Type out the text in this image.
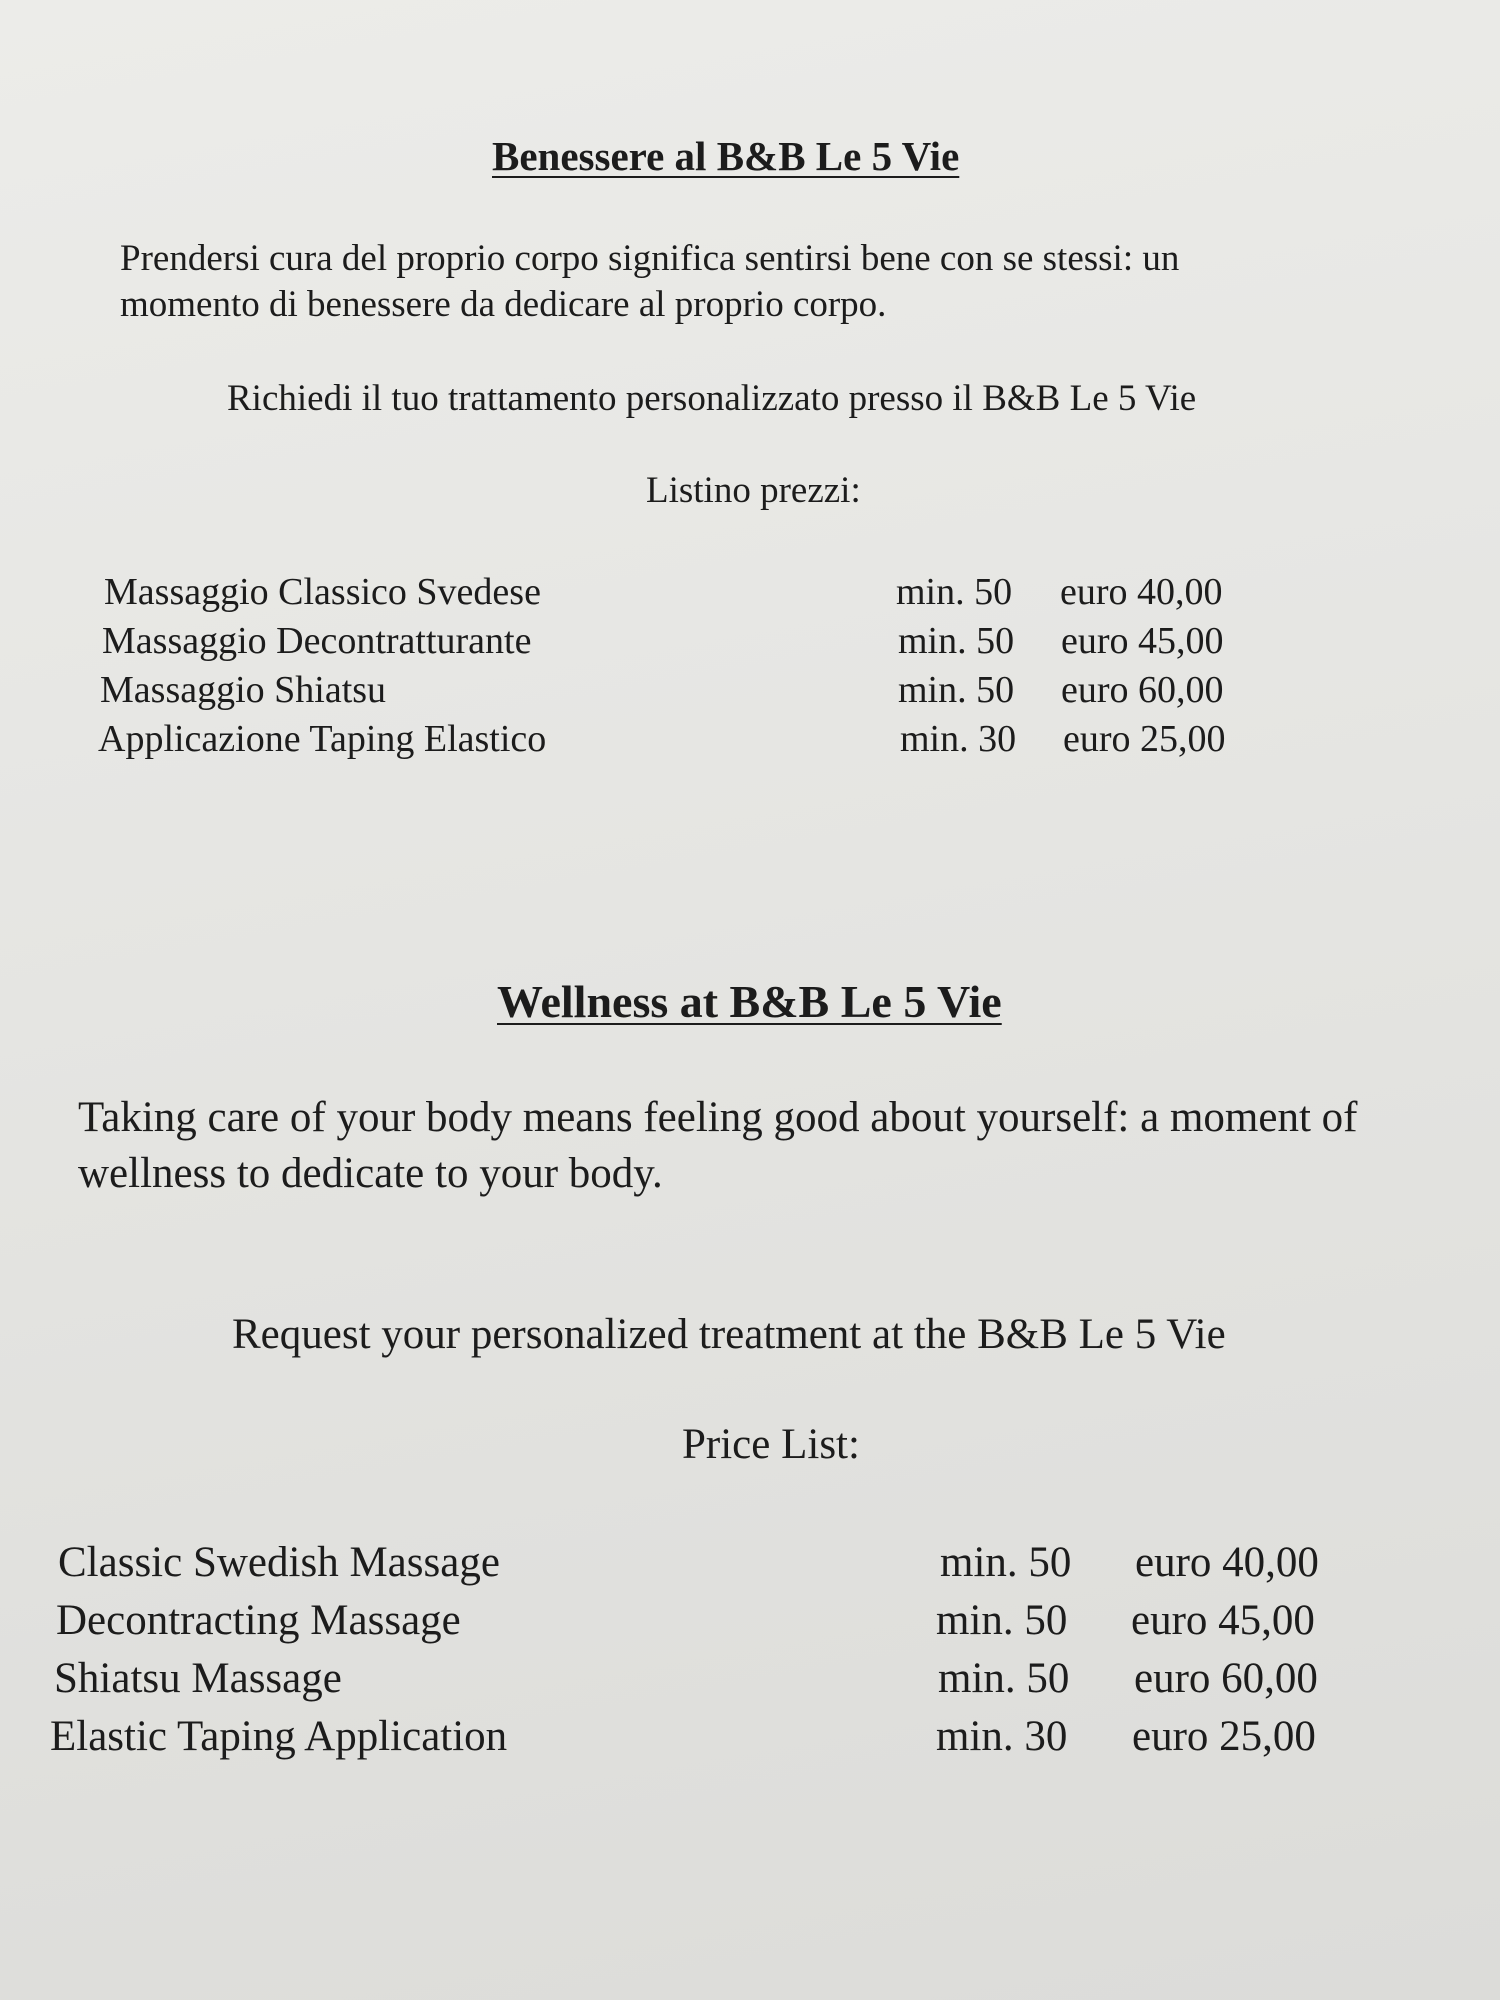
Benessere al B&B Le 5 Vie
Prendersi cura del proprio corpo significa sentirsi bene con se stessi: un
momento di benessere da dedicare al proprio corpo.
Richiedi il tuo trattamento personalizzato presso il B&B Le 5 Vie
Listino prezzi:
Massaggio Classico Svedese	min. 50 euro 40,00
Massaggio Decontratturante	min. 50 euro 45,00
Massaggio Shiatsu	min. 50 euro 60,00
Applicazione Taping Elastico	min. 30 euro 25,00
Wellness at B&B Le 5 Vie
Taking care of your body means feeling good about yourself: a moment of
wellness to dedicate to your body.
Request your personalized treatment at the B&B Le 5 Vie
Price List:
Classic Swedish Massage	min. 50 euro 40,00
Decontracting Massage	min. 50 euro 45,00
Shiatsu Massage	min. 50 euro 60,00
Elastic Taping Application	min. 30 euro 25,00
